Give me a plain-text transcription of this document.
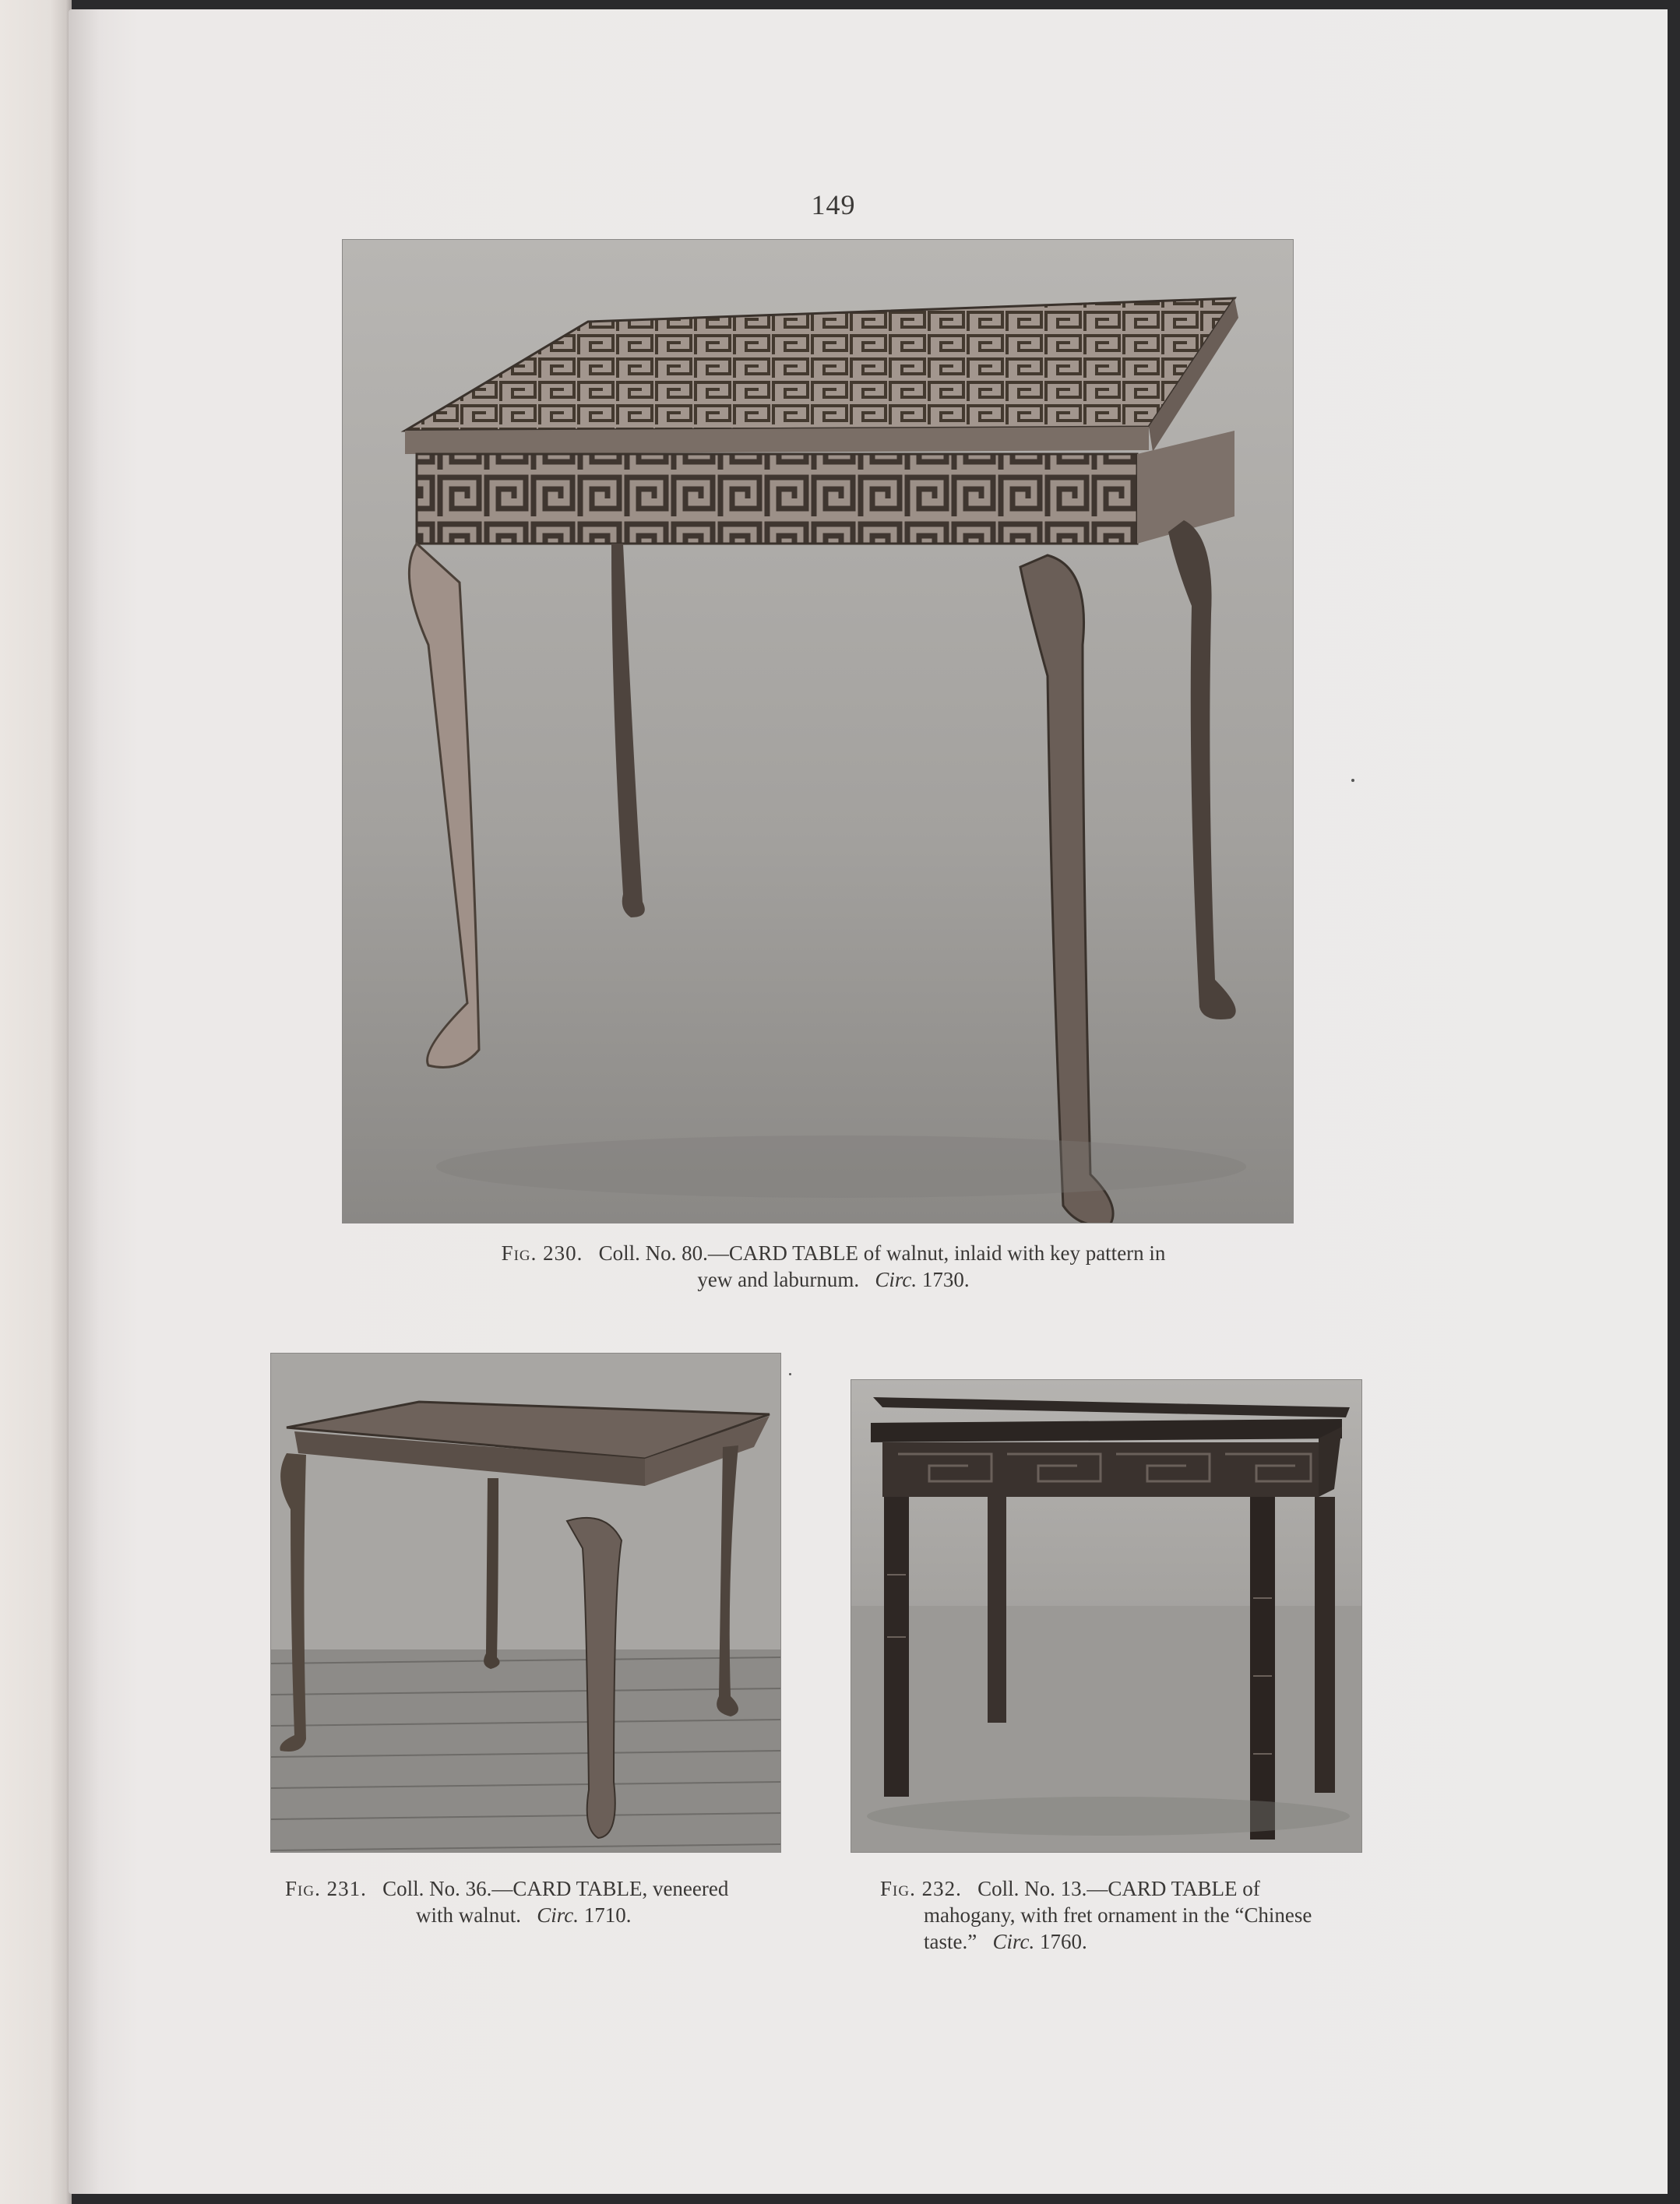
149
Fig. 230. Coll. No. 80.—CARD TABLE of walnut, inlaid with key pattern in
yew and laburnum. Circ. 1730.
Fig. 231. Coll. No. 36.—CARD TABLE, veneered
with walnut. Circ. 1710.
Fig. 232. Coll. No. 13.—CARD TABLE of
mahogany, with fret ornament in the “Chinese
taste.” Circ. 1760.
